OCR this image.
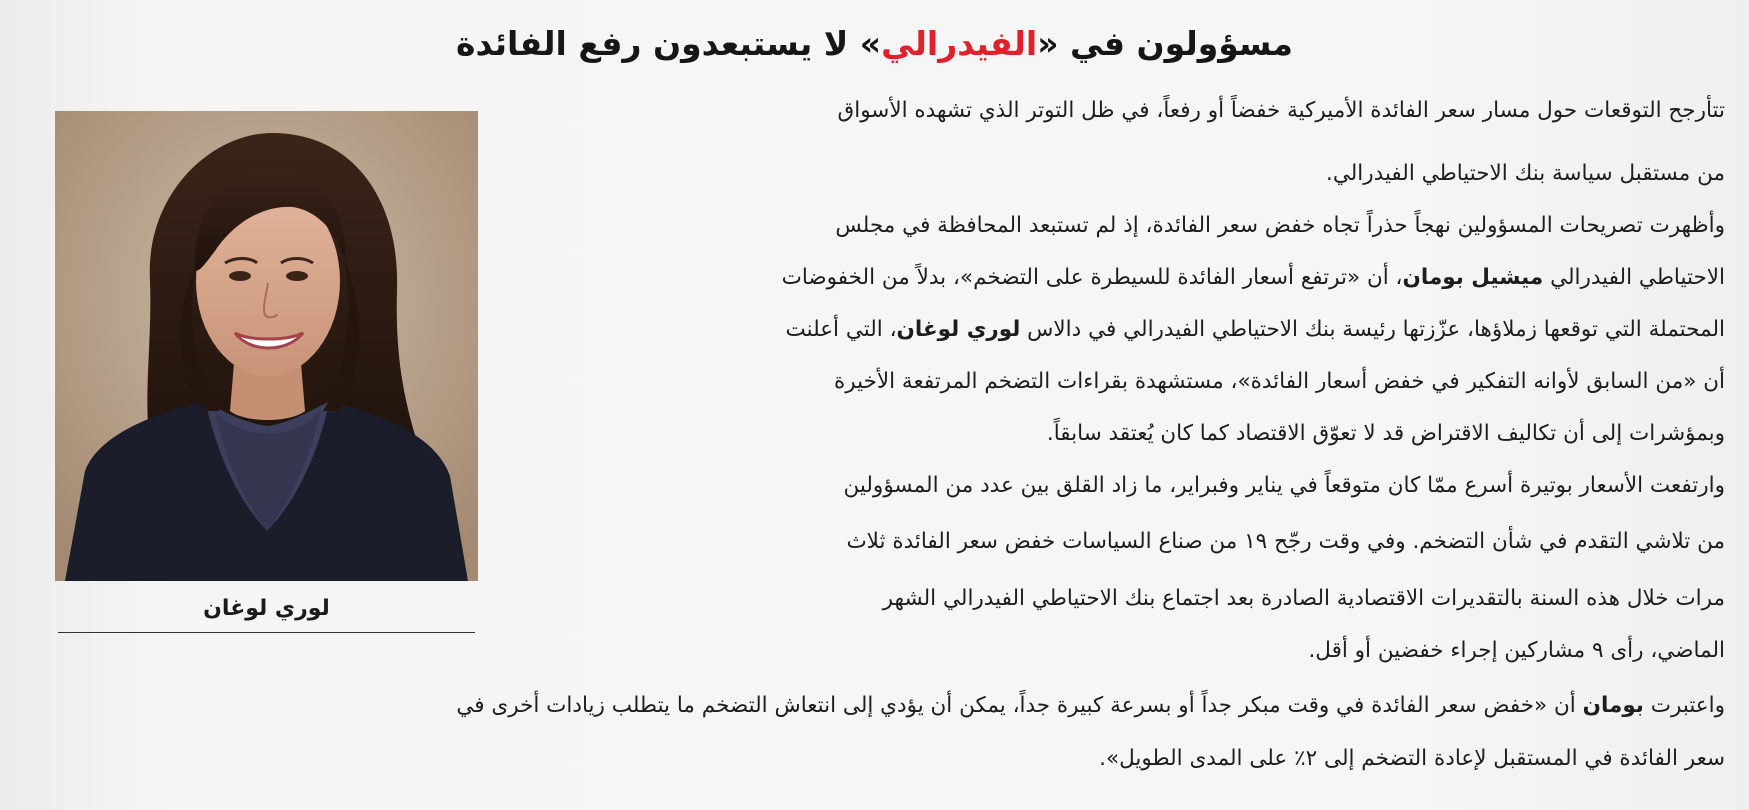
مسؤولون في «الفيدرالي» لا يستبعدون رفع الفائدة
لوري لوغان
تتأرجح التوقعات حول مسار سعر الفائدة الأميركية خفضاً أو رفعاً، في ظل التوتر الذي تشهده الأسواق
من مستقبل سياسة بنك الاحتياطي الفيدرالي.
وأظهرت تصريحات المسؤولين نهجاً حذراً تجاه خفض سعر الفائدة، إذ لم تستبعد المحافظة في مجلس
الاحتياطي الفيدرالي ميشيل بومان، أن «ترتفع أسعار الفائدة للسيطرة على التضخم»، بدلاً من الخفوضات
المحتملة التي توقعها زملاؤها، عزّزتها رئيسة بنك الاحتياطي الفيدرالي في دالاس لوري لوغان، التي أعلنت
أن «من السابق لأوانه التفكير في خفض أسعار الفائدة»، مستشهدة بقراءات التضخم المرتفعة الأخيرة
وبمؤشرات إلى أن تكاليف الاقتراض قد لا تعوّق الاقتصاد كما كان يُعتقد سابقاً.
وارتفعت الأسعار بوتيرة أسرع ممّا كان متوقعاً في يناير وفبراير، ما زاد القلق بين عدد من المسؤولين
من تلاشي التقدم في شأن التضخم. وفي وقت رجّح ١٩ من صناع السياسات خفض سعر الفائدة ثلاث
مرات خلال هذه السنة بالتقديرات الاقتصادية الصادرة بعد اجتماع بنك الاحتياطي الفيدرالي الشهر
الماضي، رأى ٩ مشاركين إجراء خفضين أو أقل.
واعتبرت بومان أن «خفض سعر الفائدة في وقت مبكر جداً أو بسرعة كبيرة جداً، يمكن أن يؤدي إلى انتعاش التضخم ما يتطلب زيادات أخرى في
سعر الفائدة في المستقبل لإعادة التضخم إلى ٢٪ على المدى الطويل».
